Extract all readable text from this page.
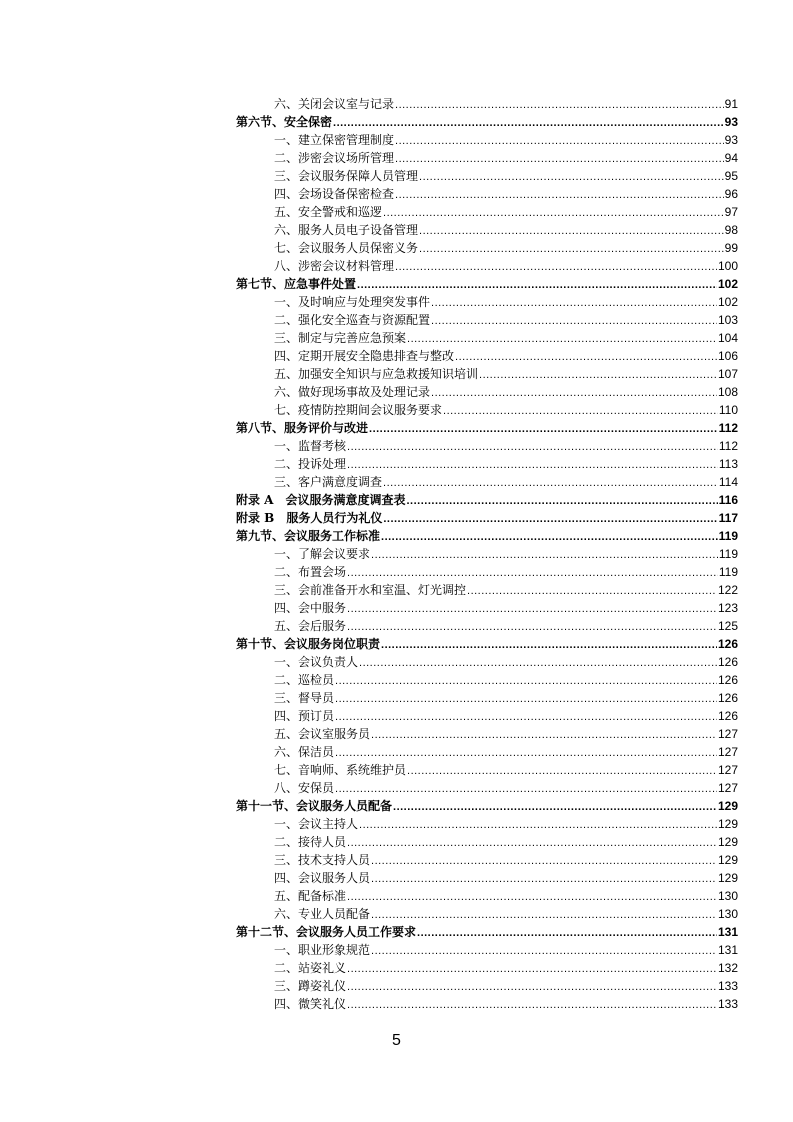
六、关闭会议室与记录 .....	91
第六节、安全保密 .....	93
一、建立保密管理制度 .....	93
二、涉密会议场所管理 .....	94
三、会议服务保障人员管理 .....	95
四、会场设备保密检查 .....	96
五、安全警戒和巡逻 .....	97
六、服务人员电子设备管理 .....	98
七、会议服务人员保密义务 .....	99
八、涉密会议材料管理 .....	100
第七节、应急事件处置 .....	102
一、及时响应与处理突发事件 .....	102
二、强化安全巡查与资源配置 .....	103
三、制定与完善应急预案 .....	104
四、定期开展安全隐患排查与整改 .....	106
五、加强安全知识与应急救援知识培训 .....	107
六、做好现场事故及处理记录 .....	108
七、疫情防控期间会议服务要求 .....	110
第八节、服务评价与改进 .....	112
一、监督考核 .....	112
二、投诉处理 .....	113
三、客户满意度调查 .....	114
附录 A　会议服务满意度调查表 .....	116
附录 B　服务人员行为礼仪 .....	117
第九节、会议服务工作标准 .....	119
一、了解会议要求 .....	119
二、布置会场 .....	119
三、会前准备开水和室温、灯光调控 .....	122
四、会中服务 .....	123
五、会后服务 .....	125
第十节、会议服务岗位职责 .....	126
一、会议负责人 .....	126
二、巡检员 .....	126
三、督导员 .....	126
四、预订员 .....	126
五、会议室服务员 .....	127
六、保洁员 .....	127
七、音响师、系统维护员 .....	127
八、安保员 .....	127
第十一节、会议服务人员配备 .....	129
一、会议主持人 .....	129
二、接待人员 .....	129
三、技术支持人员 .....	129
四、会议服务人员 .....	129
五、配备标准 .....	130
六、专业人员配备 .....	130
第十二节、会议服务人员工作要求 .....	131
一、职业形象规范 .....	131
二、站姿礼义 .....	132
三、蹲姿礼仪 .....	133
四、微笑礼仪 .....	133
5
